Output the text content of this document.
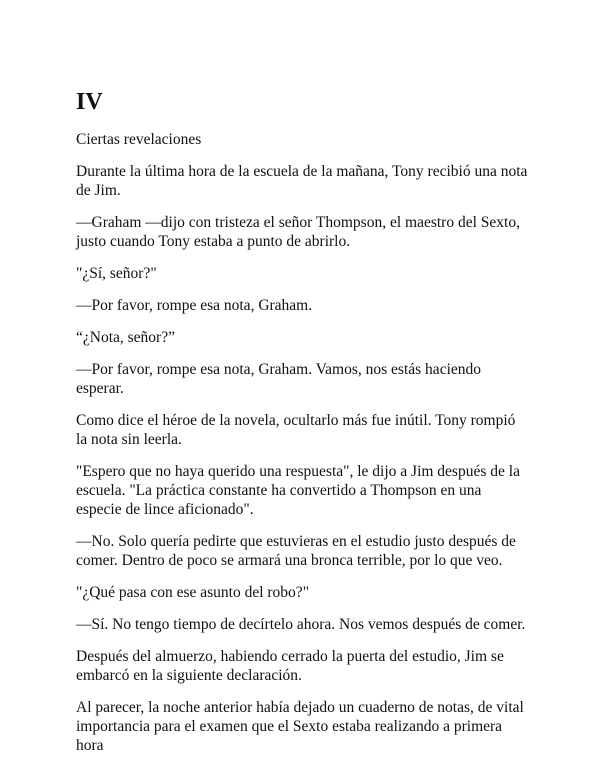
IV

Ciertas revelaciones

Durante la última hora de la escuela de la mañana, Tony recibió una nota de Jim.

—Graham —dijo con tristeza el señor Thompson, el maestro del Sexto, justo cuando Tony estaba a punto de abrirlo.

"¿Sí, señor?"

—Por favor, rompe esa nota, Graham.

“¿Nota, señor?”

—Por favor, rompe esa nota, Graham. Vamos, nos estás haciendo esperar.

Como dice el héroe de la novela, ocultarlo más fue inútil. Tony rompió la nota sin leerla.

"Espero que no haya querido una respuesta", le dijo a Jim después de la escuela. "La práctica constante ha convertido a Thompson en una especie de lince aficionado".

—No. Solo quería pedirte que estuvieras en el estudio justo después de comer. Dentro de poco se armará una bronca terrible, por lo que veo.

"¿Qué pasa con ese asunto del robo?"

—Sí. No tengo tiempo de decírtelo ahora. Nos vemos después de comer.

Después del almuerzo, habiendo cerrado la puerta del estudio, Jim se embarcó en la siguiente declaración.

Al parecer, la noche anterior había dejado un cuaderno de notas, de vital importancia para el examen que el Sexto estaba realizando a primera hora
